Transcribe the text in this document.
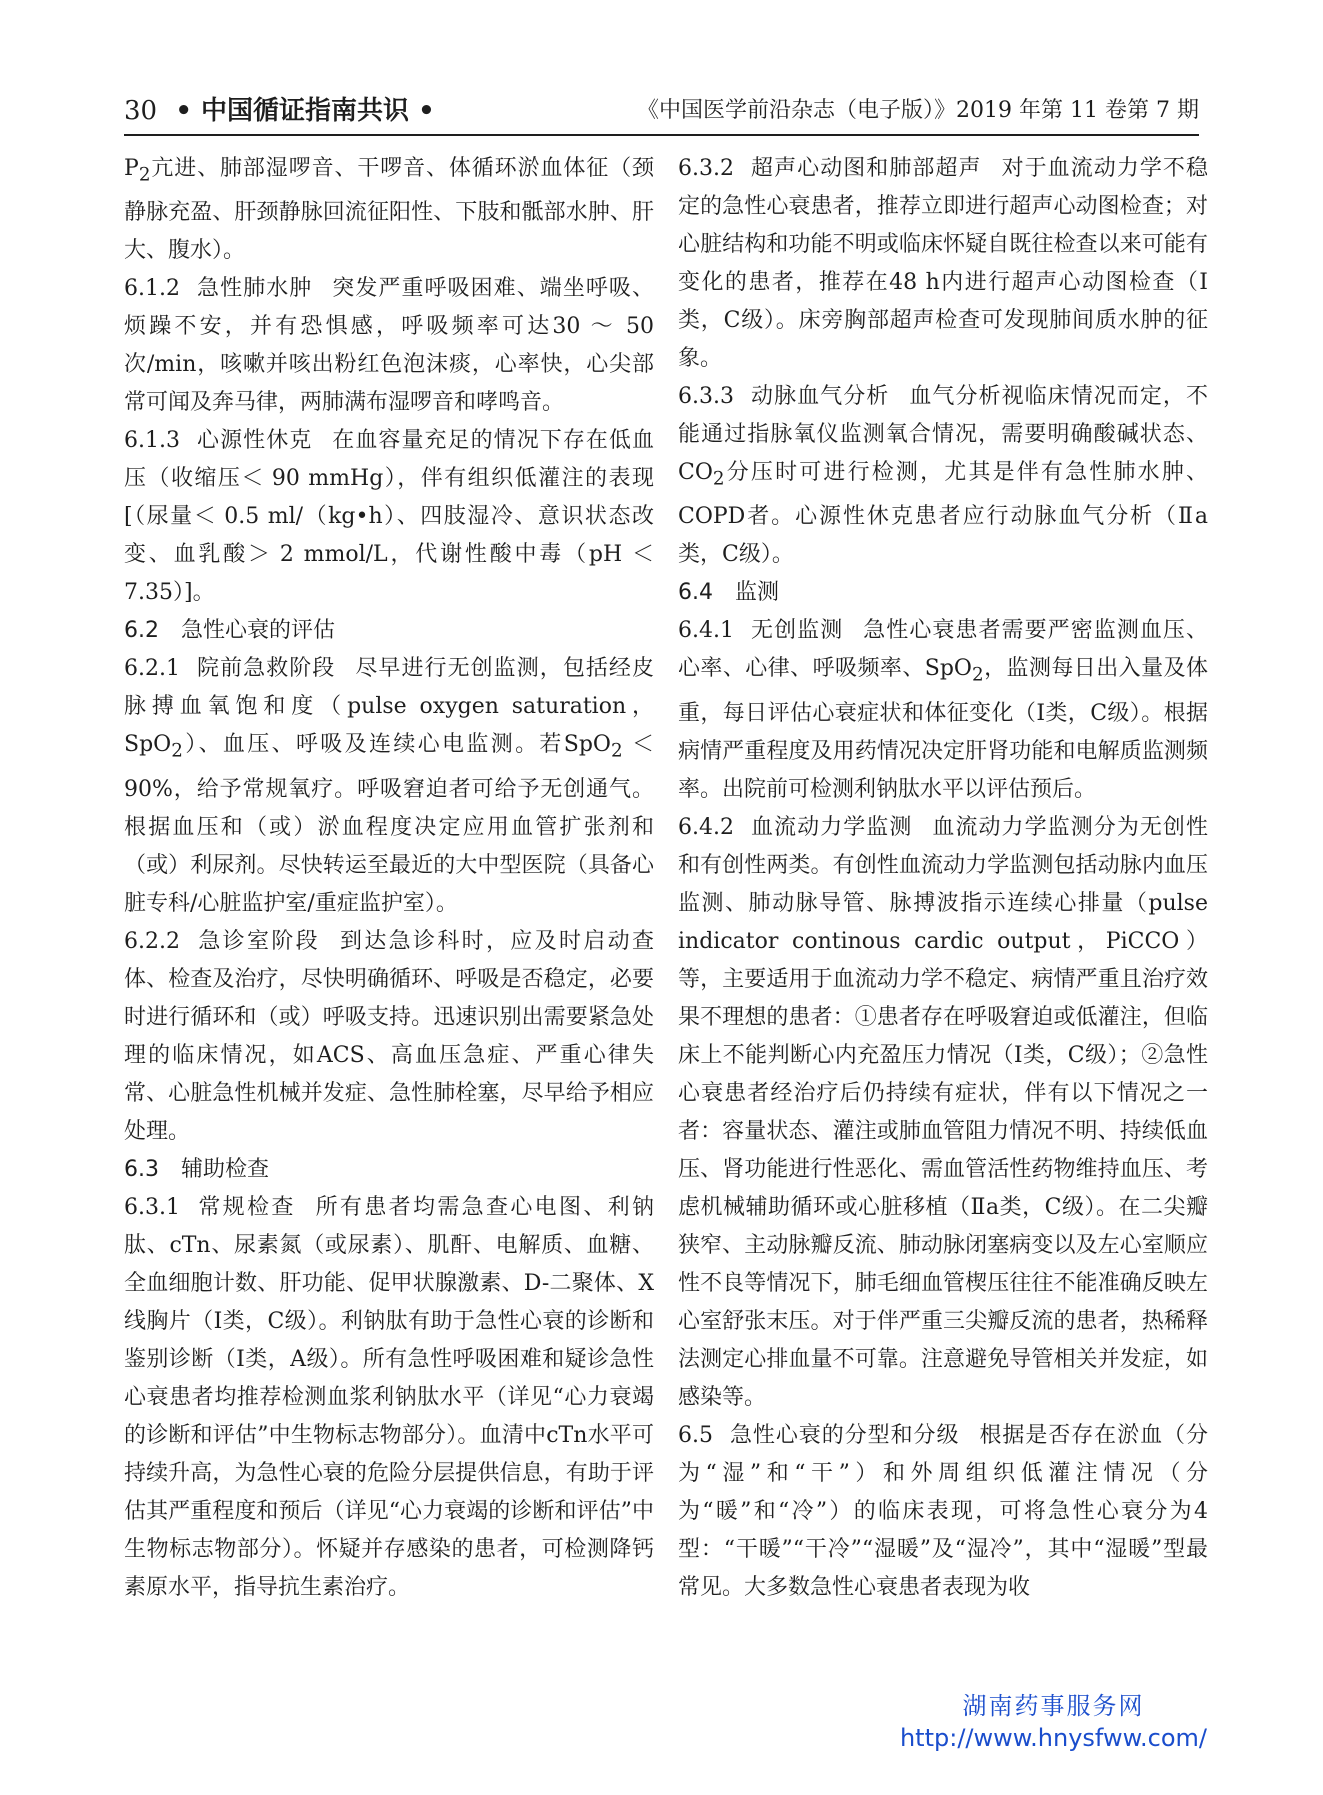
30 • 中国循证指南共识 •	《中国医学前沿杂志（电子版）》2019 年第 11 卷第 7 期

$P_2$亢进、肺部湿啰音、干啰音、体循环淤血体征（颈静脉充盈、肝颈静脉回流征阳性、下肢和骶部水肿、肝大、腹水）。

6.1.2 急性肺水肿 突发严重呼吸困难、端坐呼吸、烦躁不安，并有恐惧感，呼吸频率可达30 ～ 50次/min，咳嗽并咳出粉红色泡沫痰，心率快，心尖部常可闻及奔马律，两肺满布湿啰音和哮鸣音。

6.1.3 心源性休克 在血容量充足的情况下存在低血压（收缩压＜ 90 mmHg），伴有组织低灌注的表现[（尿量＜ 0.5 ml/（kg•h）、四肢湿冷、意识状态改变、血乳酸＞ 2 mmol/L，代谢性酸中毒（pH ＜ 7.35）]。

6.2　急性心衰的评估

6.2.1 院前急救阶段 尽早进行无创监测，包括经皮脉搏血氧饱和度（pulse oxygen saturation，SpO$_2$）、血压、呼吸及连续心电监测。若SpO$_2$ ＜ 90%，给予常规氧疗。呼吸窘迫者可给予无创通气。根据血压和（或）淤血程度决定应用血管扩张剂和（或）利尿剂。尽快转运至最近的大中型医院（具备心脏专科/心脏监护室/重症监护室）。

6.2.2 急诊室阶段 到达急诊科时，应及时启动查体、检查及治疗，尽快明确循环、呼吸是否稳定，必要时进行循环和（或）呼吸支持。迅速识别出需要紧急处理的临床情况，如ACS、高血压急症、严重心律失常、心脏急性机械并发症、急性肺栓塞，尽早给予相应处理。

6.3　辅助检查

6.3.1 常规检查 所有患者均需急查心电图、利钠肽、cTn、尿素氮（或尿素）、肌酐、电解质、血糖、全血细胞计数、肝功能、促甲状腺激素、D-二聚体、X线胸片（Ⅰ类，C级）。利钠肽有助于急性心衰的诊断和鉴别诊断（Ⅰ类，A级）。所有急性呼吸困难和疑诊急性心衰患者均推荐检测血浆利钠肽水平（详见“心力衰竭的诊断和评估”中生物标志物部分）。血清中cTn水平可持续升高，为急性心衰的危险分层提供信息，有助于评估其严重程度和预后（详见“心力衰竭的诊断和评估”中生物标志物部分）。怀疑并存感染的患者，可检测降钙素原水平，指导抗生素治疗。

6.3.2 超声心动图和肺部超声 对于血流动力学不稳定的急性心衰患者，推荐立即进行超声心动图检查；对心脏结构和功能不明或临床怀疑自既往检查以来可能有变化的患者，推荐在48 h内进行超声心动图检查（Ⅰ类，C级）。床旁胸部超声检查可发现肺间质水肿的征象。

6.3.3 动脉血气分析 血气分析视临床情况而定，不能通过指脉氧仪监测氧合情况，需要明确酸碱状态、$CO_2$分压时可进行检测，尤其是伴有急性肺水肿、COPD者。心源性休克患者应行动脉血气分析（Ⅱa类，C级）。

6.4　监测

6.4.1 无创监测 急性心衰患者需要严密监测血压、心率、心律、呼吸频率、SpO$_2$，监测每日出入量及体重，每日评估心衰症状和体征变化（Ⅰ类，C级）。根据病情严重程度及用药情况决定肝肾功能和电解质监测频率。出院前可检测利钠肽水平以评估预后。

6.4.2 血流动力学监测 血流动力学监测分为无创性和有创性两类。有创性血流动力学监测包括动脉内血压监测、肺动脉导管、脉搏波指示连续心排量（pulse indicator continous cardic output，PiCCO）等，主要适用于血流动力学不稳定、病情严重且治疗效果不理想的患者：①患者存在呼吸窘迫或低灌注，但临床上不能判断心内充盈压力情况（Ⅰ类，C级）；②急性心衰患者经治疗后仍持续有症状，伴有以下情况之一者：容量状态、灌注或肺血管阻力情况不明、持续低血压、肾功能进行性恶化、需血管活性药物维持血压、考虑机械辅助循环或心脏移植（Ⅱa类，C级）。在二尖瓣狭窄、主动脉瓣反流、肺动脉闭塞病变以及左心室顺应性不良等情况下，肺毛细血管楔压往往不能准确反映左心室舒张末压。对于伴严重三尖瓣反流的患者，热稀释法测定心排血量不可靠。注意避免导管相关并发症，如感染等。

6.5 急性心衰的分型和分级 根据是否存在淤血（分为“湿”和“干”）和外周组织低灌注情况（分为“暖”和“冷”）的临床表现，可将急性心衰分为4型：“干暖”“干冷”“湿暖”及“湿冷”，其中“湿暖”型最常见。大多数急性心衰患者表现为收

湖南药事服务网
http://www.hnysfww.com/
